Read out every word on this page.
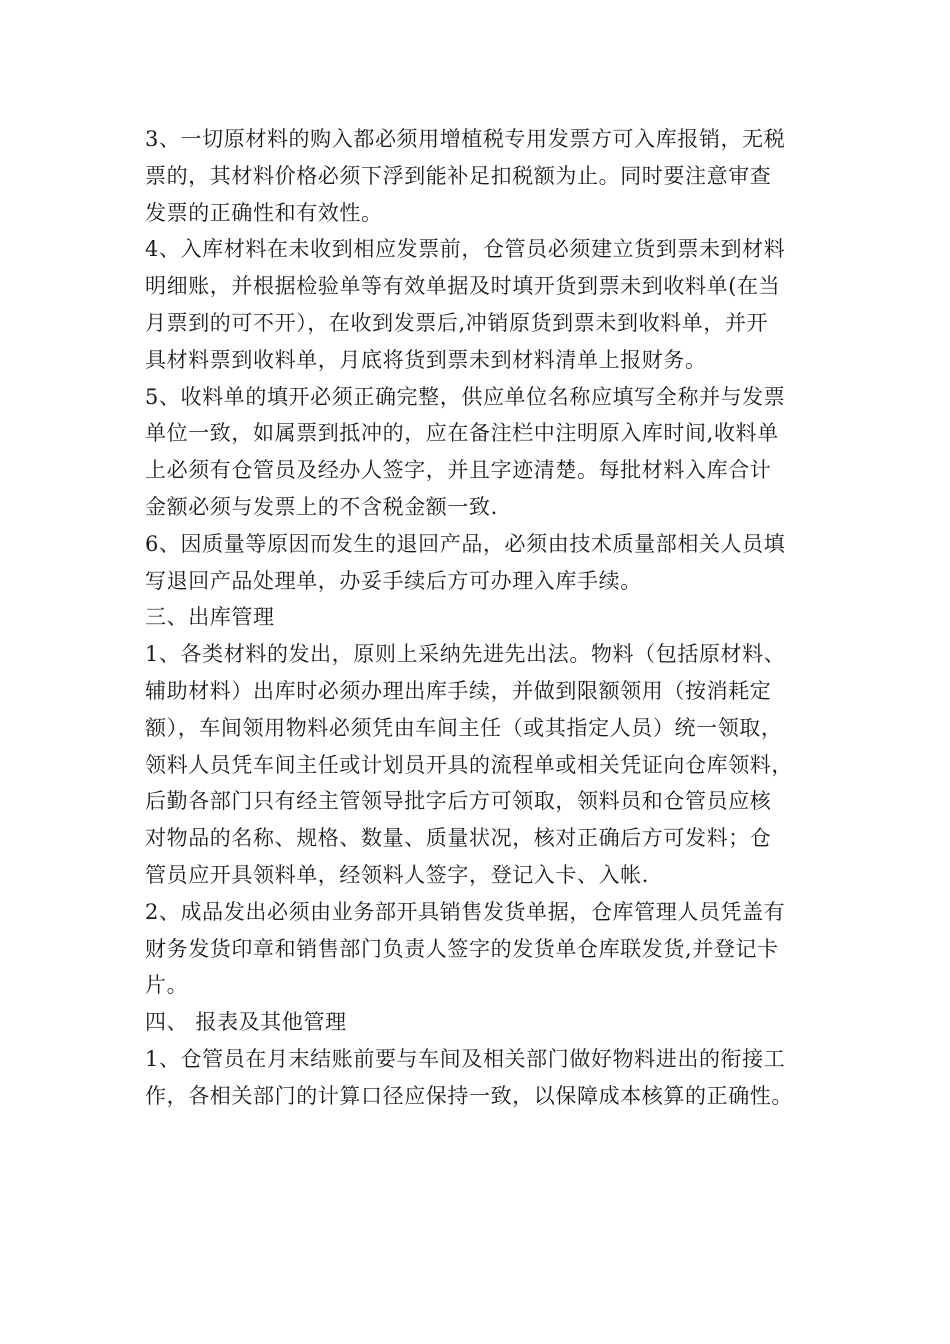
3、一切原材料的购入都必须用增植税专用发票方可入库报销，无税
票的，其材料价格必须下浮到能补足扣税额为止。同时要注意审查
发票的正确性和有效性。
4、入库材料在未收到相应发票前，仓管员必须建立货到票未到材料
明细账，并根据检验单等有效单据及时填开货到票未到收料单(在当
月票到的可不开），在收到发票后,冲销原货到票未到收料单，并开
具材料票到收料单，月底将货到票未到材料清单上报财务。
5、收料单的填开必须正确完整，供应单位名称应填写全称并与发票
单位一致，如属票到抵冲的，应在备注栏中注明原入库时间,收料单
上必须有仓管员及经办人签字，并且字迹清楚。每批材料入库合计
金额必须与发票上的不含税金额一致.
6、因质量等原因而发生的退回产品，必须由技术质量部相关人员填
写退回产品处理单，办妥手续后方可办理入库手续。
三、出库管理
1、各类材料的发出，原则上采纳先进先出法。物料（包括原材料、
辅助材料）出库时必须办理出库手续，并做到限额领用（按消耗定
额），车间领用物料必须凭由车间主任（或其指定人员）统一领取，
领料人员凭车间主任或计划员开具的流程单或相关凭证向仓库领料，
后勤各部门只有经主管领导批字后方可领取，领料员和仓管员应核
对物品的名称、规格、数量、质量状况，核对正确后方可发料；仓
管员应开具领料单，经领料人签字，登记入卡、入帐.
2、成品发出必须由业务部开具销售发货单据，仓库管理人员凭盖有
财务发货印章和销售部门负责人签字的发货单仓库联发货,并登记卡
片。
四、 报表及其他管理
1、仓管员在月末结账前要与车间及相关部门做好物料进出的衔接工
作，各相关部门的计算口径应保持一致，以保障成本核算的正确性。
